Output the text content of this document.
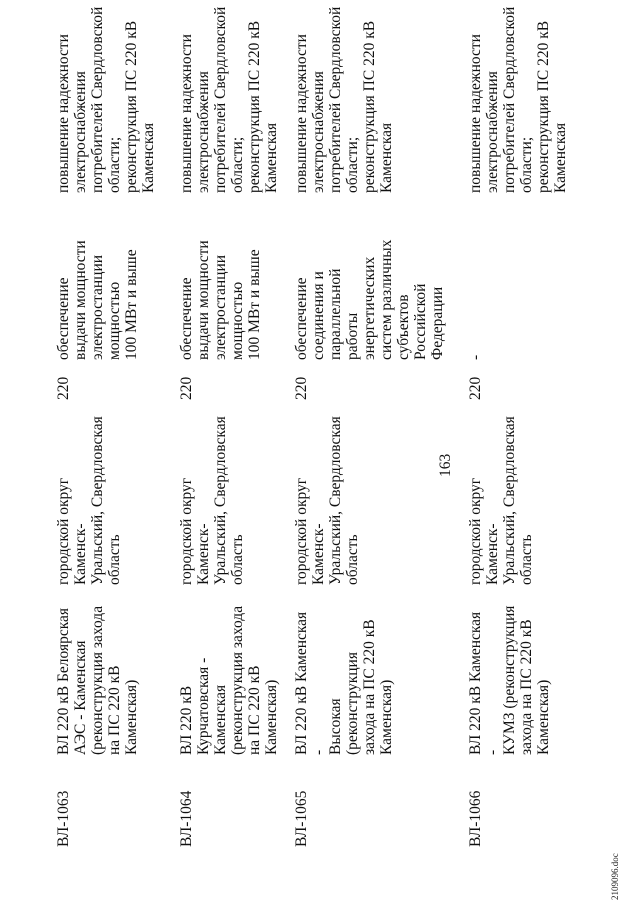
163
ВЛ-1063
ВЛ 220 кВ Белоярская
АЭС - Каменская
(реконструкция захода
на ПС 220 кВ
Каменская)
городской округ Каменск-
Уральский, Свердловская
область
220
обеспечение
выдачи мощности
электростанции
мощностью
100 МВт и выше
повышение надежности
электроснабжения
потребителей Свердловской
области;
реконструкция ПС 220 кВ
Каменская
ВЛ-1064
ВЛ 220 кВ
Курчатовская -
Каменская
(реконструкция захода
на ПС 220 кВ
Каменская)
городской округ Каменск-
Уральский, Свердловская
область
220
обеспечение
выдачи мощности
электростанции
мощностью
100 МВт и выше
повышение надежности
электроснабжения
потребителей Свердловской
области;
реконструкция ПС 220 кВ
Каменская
ВЛ-1065
ВЛ 220 кВ Каменская -
Высокая (реконструкция
захода на ПС 220 кВ
Каменская)
городской округ Каменск-
Уральский, Свердловская
область
220
обеспечение
соединения и
параллельной
работы
энергетических
систем различных
субъектов
Российской
Федерации
повышение надежности
электроснабжения
потребителей Свердловской
области;
реконструкция ПС 220 кВ
Каменская
ВЛ-1066
ВЛ 220 кВ Каменская -
КУМЗ (реконструкция
захода на ПС 220 кВ
Каменская)
городской округ Каменск-
Уральский, Свердловская
область
220
-
повышение надежности
электроснабжения
потребителей Свердловской
области;
реконструкция ПС 220 кВ
Каменская
2109096.doc
